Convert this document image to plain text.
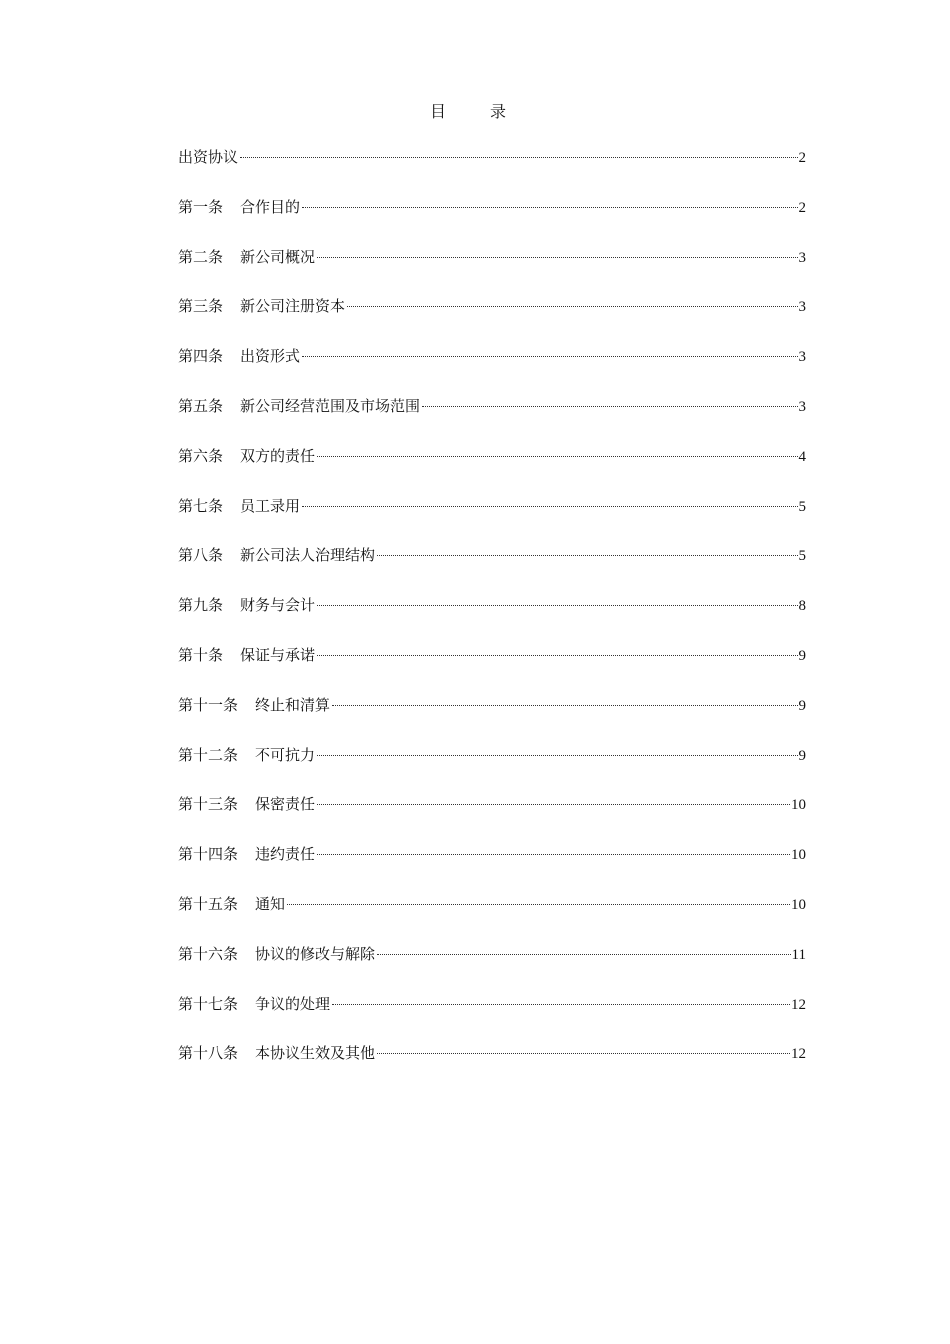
目　录
出资协议	2
第一条 合作目的	2
第二条 新公司概况	3
第三条 新公司注册资本	3
第四条 出资形式	3
第五条 新公司经营范围及市场范围	3
第六条 双方的责任	4
第七条 员工录用	5
第八条 新公司法人治理结构	5
第九条 财务与会计	8
第十条 保证与承诺	9
第十一条 终止和清算	9
第十二条 不可抗力	9
第十三条 保密责任	10
第十四条 违约责任	10
第十五条 通知	10
第十六条 协议的修改与解除	11
第十七条 争议的处理	12
第十八条 本协议生效及其他	12
